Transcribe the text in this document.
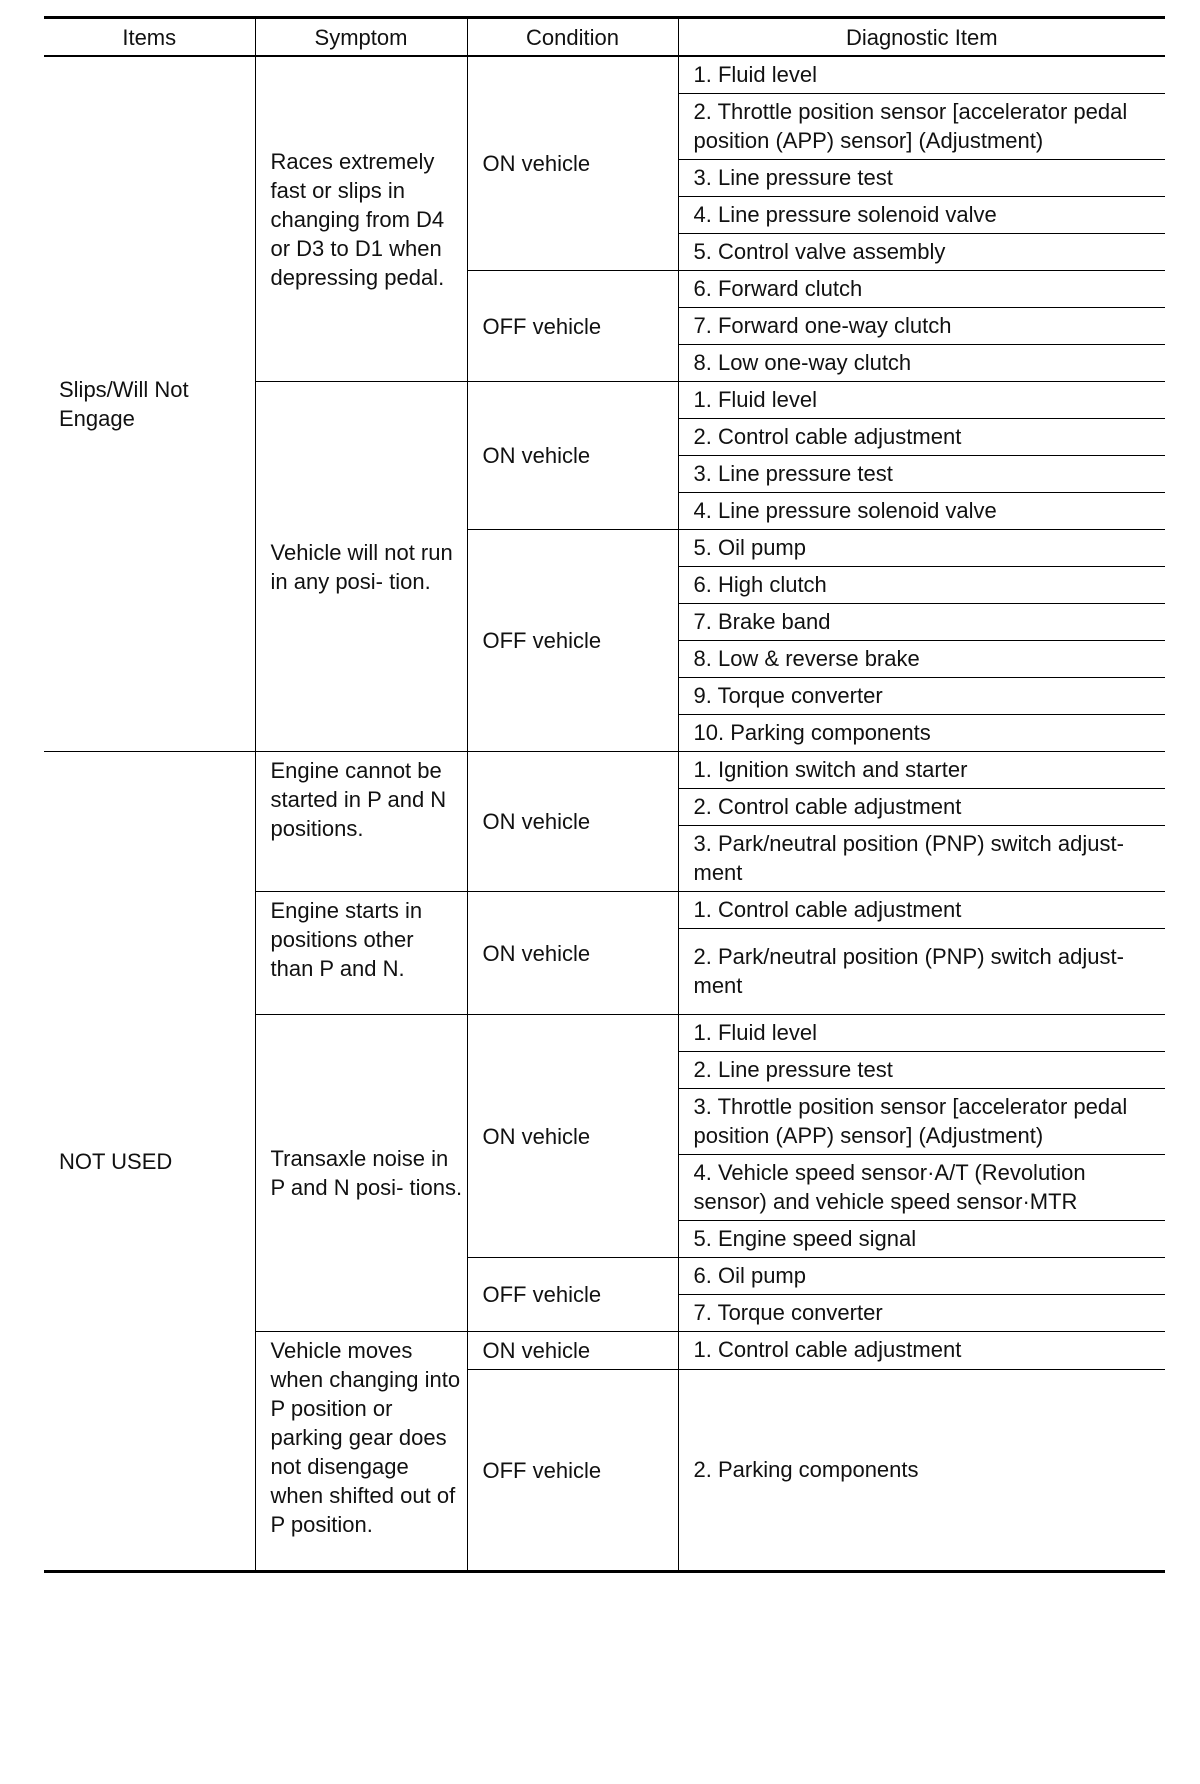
Items	Symptom	Condition	Diagnostic Item
Slips/Will Not Engage	Races extremely fast or slips in changing from D4 or D3 to D1 when depressing pedal.	ON vehicle	1. Fluid level
			2. Throttle position sensor [accelerator pedal position (APP) sensor] (Adjustment)
			3. Line pressure test
			4. Line pressure solenoid valve
			5. Control valve assembly
		OFF vehicle	6. Forward clutch
			7. Forward one-way clutch
			8. Low one-way clutch
	Vehicle will not run in any posi- tion.	ON vehicle	1. Fluid level
			2. Control cable adjustment
			3. Line pressure test
			4. Line pressure solenoid valve
		OFF vehicle	5. Oil pump
			6. High clutch
			7. Brake band
			8. Low & reverse brake
			9. Torque converter
			10. Parking components
NOT USED	Engine cannot be started in P and N positions.	ON vehicle	1. Ignition switch and starter
			2. Control cable adjustment
			3. Park/neutral position (PNP) switch adjust- ment
	Engine starts in positions other than P and N.	ON vehicle	1. Control cable adjustment
			2. Park/neutral position (PNP) switch adjust- ment
	Transaxle noise in P and N posi- tions.	ON vehicle	1. Fluid level
			2. Line pressure test
			3. Throttle position sensor [accelerator pedal position (APP) sensor] (Adjustment)
			4. Vehicle speed sensor·A/T (Revolution sensor) and vehicle speed sensor·MTR
			5. Engine speed signal
		OFF vehicle	6. Oil pump
			7. Torque converter
	Vehicle moves when changing into P position or parking gear does not disengage when shifted out of P position.	ON vehicle	1. Control cable adjustment
		OFF vehicle	2. Parking components
